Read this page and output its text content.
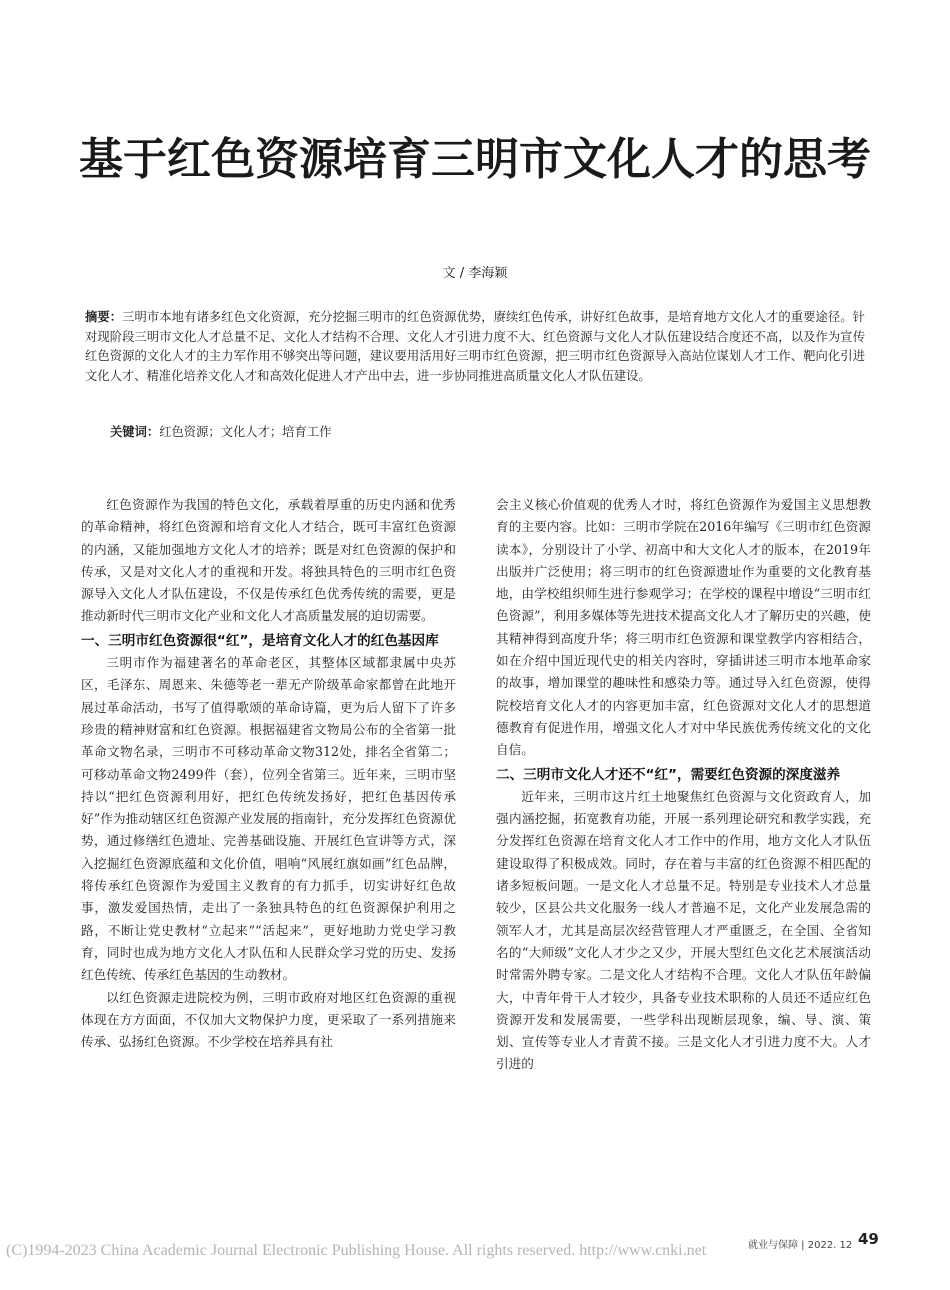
基于红色资源培育三明市文化人才的思考
文 / 李海颖
摘要：三明市本地有诸多红色文化资源，充分挖掘三明市的红色资源优势，赓续红色传承，讲好红色故事，是培育地方文化人才的重要途径。针对现阶段三明市文化人才总量不足、文化人才结构不合理、文化人才引进力度不大、红色资源与文化人才队伍建设结合度还不高，以及作为宣传红色资源的文化人才的主力军作用不够突出等问题，建议要用活用好三明市红色资源，把三明市红色资源导入高站位谋划人才工作、靶向化引进文化人才、精准化培养文化人才和高效化促进人才产出中去，进一步协同推进高质量文化人才队伍建设。
关键词：红色资源；文化人才；培育工作

红色资源作为我国的特色文化，承载着厚重的历史内涵和优秀的革命精神，将红色资源和培育文化人才结合，既可丰富红色资源的内涵，又能加强地方文化人才的培养；既是对红色资源的保护和传承，又是对文化人才的重视和开发。将独具特色的三明市红色资源导入文化人才队伍建设，不仅是传承红色优秀传统的需要，更是推动新时代三明市文化产业和文化人才高质量发展的迫切需要。

一、三明市红色资源很“红”，是培育文化人才的红色基因库

三明市作为福建著名的革命老区，其整体区域都隶属中央苏区，毛泽东、周恩来、朱德等老一辈无产阶级革命家都曾在此地开展过革命活动，书写了值得歌颂的革命诗篇，更为后人留下了许多珍贵的精神财富和红色资源。根据福建省文物局公布的全省第一批革命文物名录，三明市不可移动革命文物312处，排名全省第二；可移动革命文物2499件（套），位列全省第三。近年来，三明市坚持以“把红色资源利用好，把红色传统发扬好，把红色基因传承好”作为推动辖区红色资源产业发展的指南针，充分发挥红色资源优势，通过修缮红色遗址、完善基础设施、开展红色宣讲等方式，深入挖掘红色资源底蕴和文化价值，唱响“风展红旗如画”红色品牌，将传承红色资源作为爱国主义教育的有力抓手，切实讲好红色故事，激发爱国热情，走出了一条独具特色的红色资源保护利用之路，不断让党史教材“立起来”“活起来”，更好地助力党史学习教育，同时也成为地方文化人才队伍和人民群众学习党的历史、发扬红色传统、传承红色基因的生动教材。

以红色资源走进院校为例，三明市政府对地区红色资源的重视体现在方方面面，不仅加大文物保护力度，更采取了一系列措施来传承、弘扬红色资源。不少学校在培养具有社

会主义核心价值观的优秀人才时，将红色资源作为爱国主义思想教育的主要内容。比如：三明市学院在2016年编写《三明市红色资源读本》，分别设计了小学、初高中和大文化人才的版本，在2019年出版并广泛使用；将三明市的红色资源遗址作为重要的文化教育基地，由学校组织师生进行参观学习；在学校的课程中增设“三明市红色资源”，利用多媒体等先进技术提高文化人才了解历史的兴趣，使其精神得到高度升华；将三明市红色资源和课堂教学内容相结合，如在介绍中国近现代史的相关内容时，穿插讲述三明市本地革命家的故事，增加课堂的趣味性和感染力等。通过导入红色资源，使得院校培育文化人才的内容更加丰富，红色资源对文化人才的思想道德教育有促进作用，增强文化人才对中华民族优秀传统文化的文化自信。

二、三明市文化人才还不“红”，需要红色资源的深度滋养

近年来，三明市这片红土地聚焦红色资源与文化资政育人，加强内涵挖掘，拓宽教育功能，开展一系列理论研究和教学实践，充分发挥红色资源在培育文化人才工作中的作用，地方文化人才队伍建设取得了积极成效。同时，存在着与丰富的红色资源不相匹配的诸多短板问题。一是文化人才总量不足。特别是专业技术人才总量较少，区县公共文化服务一线人才普遍不足，文化产业发展急需的领军人才，尤其是高层次经营管理人才严重匮乏，在全国、全省知名的“大师级”文化人才少之又少，开展大型红色文化艺术展演活动时常需外聘专家。二是文化人才结构不合理。文化人才队伍年龄偏大，中青年骨干人才较少，具备专业技术职称的人员还不适应红色资源开发和发展需要，一些学科出现断层现象，编、导、演、策划、宣传等专业人才青黄不接。三是文化人才引进力度不大。人才引进的

就业与保障 | 2022. 12 49
(C)1994-2023 China Academic Journal Electronic Publishing House. All rights reserved. http://www.cnki.net
